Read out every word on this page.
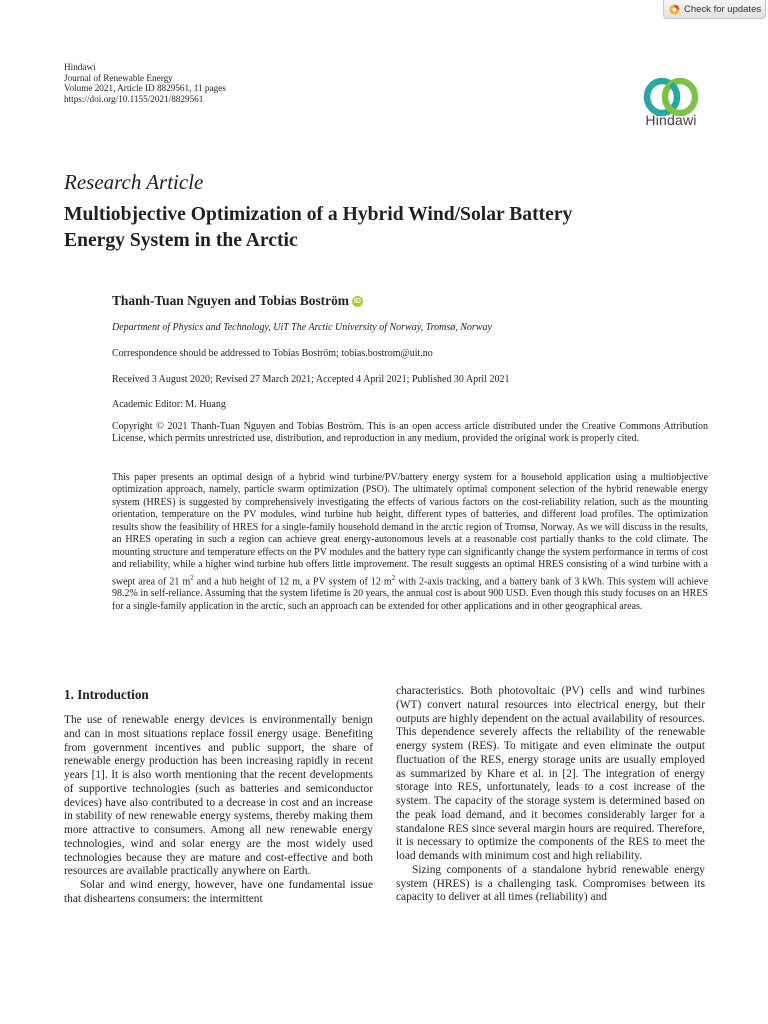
Check for updates
Hindawi
Journal of Renewable Energy
Volume 2021, Article ID 8829561, 11 pages
https://doi.org/10.1155/2021/8829561
Hindawi
Research Article
Multiobjective Optimization of a Hybrid Wind/Solar Battery
Energy System in the Arctic
Thanh-Tuan Nguyen and Tobias Boström iD
Department of Physics and Technology, UiT The Arctic University of Norway, Tromsø, Norway
Correspondence should be addressed to Tobias Boström; tobias.bostrom@uit.no
Received 3 August 2020; Revised 27 March 2021; Accepted 4 April 2021; Published 30 April 2021
Academic Editor: M. Huang
Copyright © 2021 Thanh-Tuan Nguyen and Tobias Boström. This is an open access article distributed under the Creative Commons Attribution License, which permits unrestricted use, distribution, and reproduction in any medium, provided the original work is properly cited.
This paper presents an optimal design of a hybrid wind turbine/PV/battery energy system for a household application using a multiobjective optimization approach, namely, particle swarm optimization (PSO). The ultimately optimal component selection of the hybrid renewable energy system (HRES) is suggested by comprehensively investigating the effects of various factors on the cost-reliability relation, such as the mounting orientation, temperature on the PV modules, wind turbine hub height, different types of batteries, and different load profiles. The optimization results show the feasibility of HRES for a single-family household demand in the arctic region of Tromsø, Norway. As we will discuss in the results, an HRES operating in such a region can achieve great energy-autonomous levels at a reasonable cost partially thanks to the cold climate. The mounting structure and temperature effects on the PV modules and the battery type can significantly change the system performance in terms of cost and reliability, while a higher wind turbine hub offers little improvement. The result suggests an optimal HRES consisting of a wind turbine with a swept area of 21 $m^2$ and a hub height of 12 m, a PV system of 12 $m^2$ with 2-axis tracking, and a battery bank of 3 kWh. This system will achieve 98.2% in self-reliance. Assuming that the system lifetime is 20 years, the annual cost is about 900 USD. Even though this study focuses on an HRES for a single-family application in the arctic, such an approach can be extended for other applications and in other geographical areas.
1. Introduction

The use of renewable energy devices is environmentally benign and can in most situations replace fossil energy usage. Benefiting from government incentives and public support, the share of renewable energy production has been increasing rapidly in recent years [1]. It is also worth mentioning that the recent developments of supportive technologies (such as batteries and semiconductor devices) have also contributed to a decrease in cost and an increase in stability of new renewable energy systems, thereby making them more attractive to consumers. Among all new renewable energy technologies, wind and solar energy are the most widely used technologies because they are mature and cost-effective and both resources are available practically anywhere on Earth.

Solar and wind energy, however, have one fundamental issue that disheartens consumers: the intermittent

characteristics. Both photovoltaic (PV) cells and wind turbines (WT) convert natural resources into electrical energy, but their outputs are highly dependent on the actual availability of resources. This dependence severely affects the reliability of the renewable energy system (RES). To mitigate and even eliminate the output fluctuation of the RES, energy storage units are usually employed as summarized by Khare et al. in [2]. The integration of energy storage into RES, unfortunately, leads to a cost increase of the system. The capacity of the storage system is determined based on the peak load demand, and it becomes considerably larger for a standalone RES since several margin hours are required. Therefore, it is necessary to optimize the components of the RES to meet the load demands with minimum cost and high reliability.

Sizing components of a standalone hybrid renewable energy system (HRES) is a challenging task. Compromises between its capacity to deliver at all times (reliability) and
